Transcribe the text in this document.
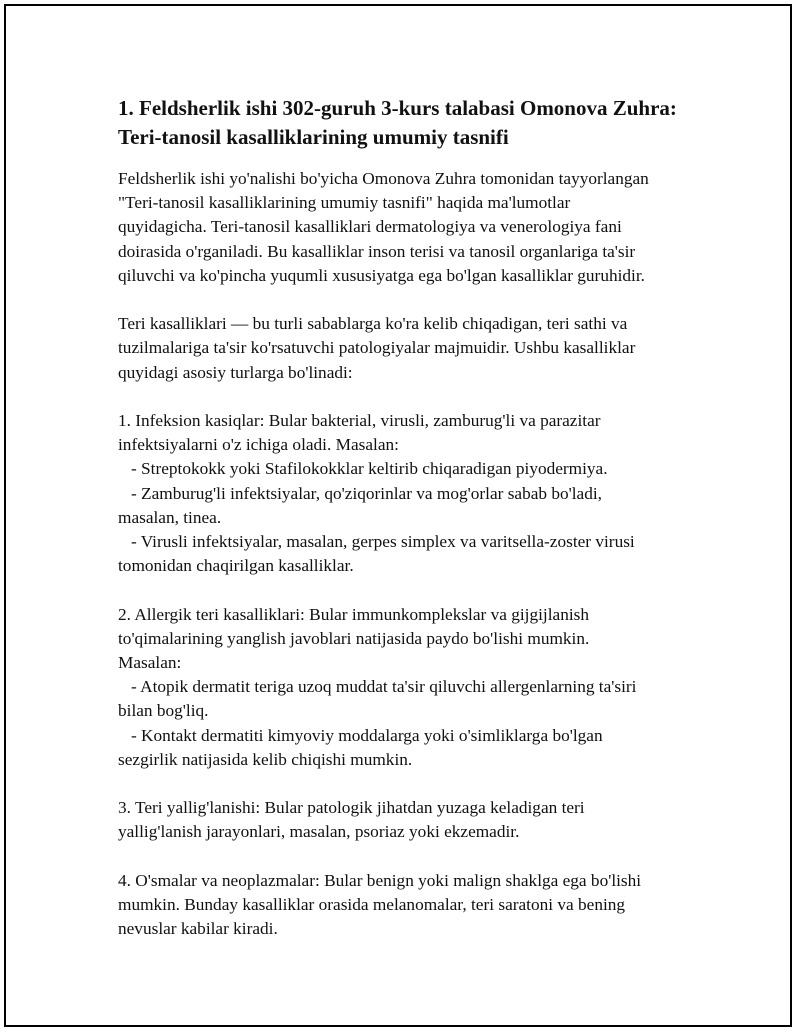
1. Feldsherlik ishi 302-guruh 3-kurs talabasi Omonova Zuhra:
Teri-tanosil kasalliklarining umumiy tasnifi

Feldsherlik ishi yo'nalishi bo'yicha Omonova Zuhra tomonidan tayyorlangan
"Teri-tanosil kasalliklarining umumiy tasnifi" haqida ma'lumotlar
quyidagicha. Teri-tanosil kasalliklari dermatologiya va venerologiya fani
doirasida o'rganiladi. Bu kasalliklar inson terisi va tanosil organlariga ta'sir
qiluvchi va ko'pincha yuqumli xususiyatga ega bo'lgan kasalliklar guruhidir.

Teri kasalliklari — bu turli sabablarga ko'ra kelib chiqadigan, teri sathi va
tuzilmalariga ta'sir ko'rsatuvchi patologiyalar majmuidir. Ushbu kasalliklar
quyidagi asosiy turlarga bo'linadi:

1. Infeksion kasiqlar: Bular bakterial, virusli, zamburug'li va parazitar
infektsiyalarni o'z ichiga oladi. Masalan:
- Streptokokk yoki Stafilokokklar keltirib chiqaradigan piyodermiya.
- Zamburug'li infektsiyalar, qo'ziqorinlar va mog'orlar sabab bo'ladi,
masalan, tinea.
- Virusli infektsiyalar, masalan, gerpes simplex va varitsella-zoster virusi
tomonidan chaqirilgan kasalliklar.

2. Allergik teri kasalliklari: Bular immunkomplekslar va gijgijlanish
to'qimalarining yanglish javoblari natijasida paydo bo'lishi mumkin.
Masalan:
- Atopik dermatit teriga uzoq muddat ta'sir qiluvchi allergenlarning ta'siri
bilan bog'liq.
- Kontakt dermatiti kimyoviy moddalarga yoki o'simliklarga bo'lgan
sezgirlik natijasida kelib chiqishi mumkin.

3. Teri yallig'lanishi: Bular patologik jihatdan yuzaga keladigan teri
yallig'lanish jarayonlari, masalan, psoriaz yoki ekzemadir.

4. O'smalar va neoplazmalar: Bular benign yoki malign shaklga ega bo'lishi
mumkin. Bunday kasalliklar orasida melanomalar, teri saratoni va bening
nevuslar kabilar kiradi.
